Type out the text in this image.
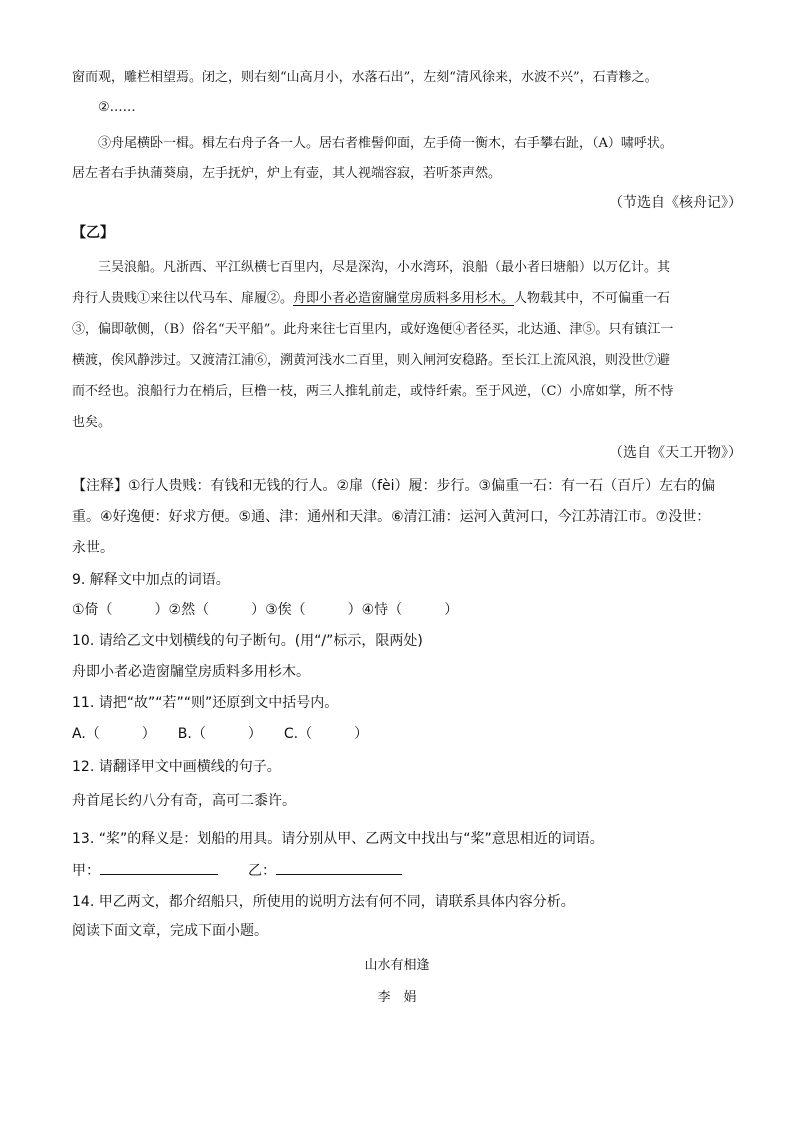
窗而观，雕栏相望焉。闭之，则右刻“山高月小，水落石出”，左刻“清风徐来，水波不兴”，石青糁之。
②……
③舟尾横卧一楫。楫左右舟子各一人。居右者椎髻仰面，左手倚一衡木，右手攀右趾，（A）啸呼状。
居左者右手执蒲葵扇，左手抚炉，炉上有壶，其人视端容寂，若听茶声然。
（节选自《核舟记》）
【乙】
三吴浪船。凡浙西、平江纵横七百里内，尽是深沟，小水湾环，浪船（最小者曰塘船）以万亿计。其
舟行人贵贱①来往以代马车、扉履②。舟即小者必造窗牖堂房质料多用杉木。人物载其中，不可偏重一石
③，偏即欹侧，（B）俗名“天平船”。此舟来往七百里内，或好逸便④者径买，北达通、津⑤。只有镇江一
横渡，俟风静涉过。又渡清江浦⑥，溯黄河浅水二百里，则入闸河安稳路。至长江上流风浪，则没世⑦避
而不经也。浪船行力在梢后，巨橹一枝，两三人推轧前走，或恃纤索。至于风逆，（C）小席如掌，所不恃
也矣。
（选自《天工开物》）
【注释】①行人贵贱：有钱和无钱的行人。②扉（fèi）履：步行。③偏重一石：有一石（百斤）左右的偏
重。④好逸便：好求方便。⑤通、津：通州和天津。⑥清江浦：运河入黄河口，今江苏清江市。⑦没世：
永世。
9. 解释文中加点的词语。
①倚（　　　）②然（　　　）③俟（　　　）④恃（　　　）
10. 请给乙文中划横线的句子断句。(用“/”标示，限两处)
舟即小者必造窗牖堂房质料多用杉木。
11. 请把“故”“若”“则”还原到文中括号内。
A.（　　　） B.（　　　） C.（　　　）
12. 请翻译甲文中画横线的句子。
舟首尾长约八分有奇，高可二黍许。
13. “桨”的释义是：划船的用具。请分别从甲、乙两文中找出与“桨”意思相近的词语。
甲：	乙：
14. 甲乙两文，都介绍船只，所使用的说明方法有何不同，请联系具体内容分析。
阅读下面文章，完成下面小题。
山水有相逢
李　娟
